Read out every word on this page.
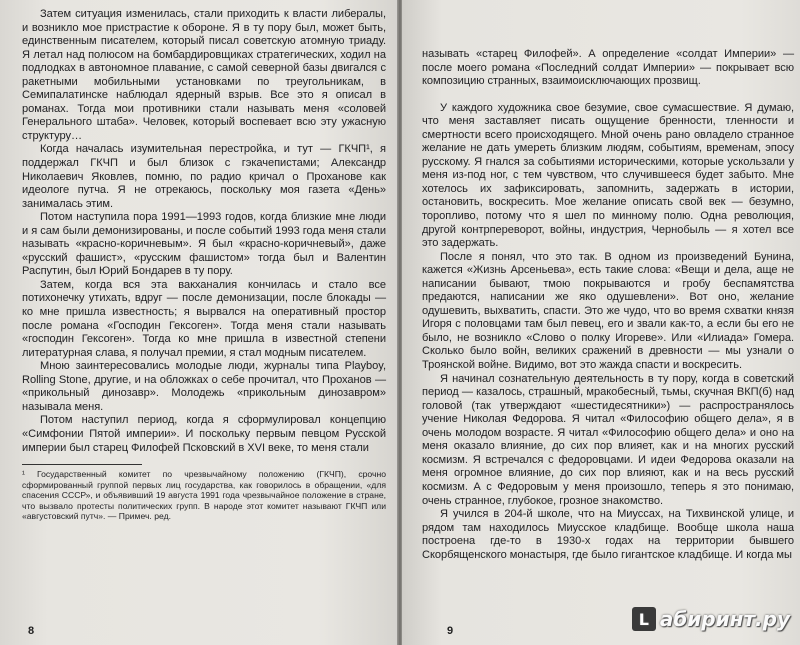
Затем ситуация изменилась, стали приходить к власти либералы, и возникло мое пристрастие к обороне. Я в ту пору был, может быть, единственным писателем, который писал советскую атомную триаду. Я летал над полюсом на бомбардировщиках стратегических, ходил на подлодках в автономное плавание, с самой северной базы двигался с ракетными мобильными установками по треугольникам, в Семипалатинске наблюдал ядерный взрыв. Все это я описал в романах. Тогда мои противники стали называть меня «соловей Генерального штаба». Человек, который воспевает всю эту ужасную структуру…

Когда началась изумительная перестройка, и тут — ГКЧП¹, я поддержал ГКЧП и был близок с гэкачепистами; Александр Николаевич Яковлев, помню, по радио кричал о Проханове как идеологе путча. Я не отрекаюсь, поскольку моя газета «День» занималась этим.

Потом наступила пора 1991—1993 годов, когда близкие мне люди и я сам были демонизированы, и после событий 1993 года меня стали называть «красно-коричневым». Я был «красно-коричневый», даже «русский фашист», «русским фашистом» тогда был и Валентин Распутин, был Юрий Бондарев в ту пору.

Затем, когда вся эта вакханалия кончилась и стало все потихонечку утихать, вдруг — после демонизации, после блокады — ко мне пришла известность; я вырвался на оперативный простор после романа «Господин Гексоген». Тогда меня стали называть «господин Гексоген». Тогда ко мне пришла в известной степени литературная слава, я получал премии, я стал модным писателем.

Мною заинтересовались молодые люди, журналы типа Playboy, Rolling Stone, другие, и на обложках о себе прочитал, что Проханов — «прикольный динозавр». Молодежь «прикольным динозавром» называла меня.

Потом наступил период, когда я сформулировал концепцию «Симфонии Пятой империи». И поскольку первым певцом Русской империи был старец Филофей Псковский в XVI веке, то меня стали

¹ Государственный комитет по чрезвычайному положению (ГКЧП), срочно сформированный группой первых лиц государства, как говорилось в обращении, «для спасения СССР», и объявивший 19 августа 1991 года чрезвычайное положение в стране, что вызвало протесты политических групп. В народе этот комитет называют ГКЧП или «августовский путч». — Примеч. ред.

8

называть «старец Филофей». А определение «солдат Империи» — после моего романа «Последний солдат Империи» — покрывает всю композицию странных, взаимоисключающих прозвищ.

У каждого художника свое безумие, свое сумасшествие. Я думаю, что меня заставляет писать ощущение бренности, тленности и смертности всего происходящего. Мной очень рано овладело странное желание не дать умереть близким людям, событиям, временам, эпосу русскому. Я гнался за событиями историческими, которые ускользали у меня из-под ног, с тем чувством, что случившееся будет забыто. Мне хотелось их зафиксировать, запомнить, задержать в истории, остановить, воскресить. Мое желание описать свой век — безумно, торопливо, потому что я шел по минному полю. Одна революция, другой контрпереворот, войны, индустрия, Чернобыль — я хотел все это задержать.

После я понял, что это так. В одном из произведений Бунина, кажется «Жизнь Арсеньева», есть такие слова: «Вещи и дела, аще не написании бывают, тмою покрываются и гробу беспамятства предаются, написании же яко одушевлени». Вот оно, желание одушевить, выхватить, спасти. Это же чудо, что во время схватки князя Игоря с половцами там был певец, его и звали как-то, а если бы его не было, не возникло «Слово о полку Игореве». Или «Илиада» Гомера. Сколько было войн, великих сражений в древности — мы узнали о Троянской войне. Видимо, вот это жажда спасти и воскресить.

Я начинал сознательную деятельность в ту пору, когда в советский период — казалось, страшный, мракобесный, тьмы, скучная ВКП(б) над головой (так утверждают «шестидесятники») — распространялось учение Николая Федорова. Я читал «Философию общего дела», я в очень молодом возрасте. Я читал «Философию общего дела» и оно на меня оказало влияние, до сих пор влияет, как и на многих русский космизм. Я встречался с федоровцами. И идеи Федорова оказали на меня огромное влияние, до сих пор влияют, как и на весь русский космизм. А с Федоровым у меня произошло, теперь я это понимаю, очень странное, глубокое, грозное знакомство.

Я учился в 204-й школе, что на Миуссах, на Тихвинской улице, и рядом там находилось Миусское кладбище. Вообще школа наша построена где-то в 1930-х годах на территории бывшего Скорбященского монастыря, где было гигантское кладбище. И когда мы

9
L абиринт.ру
